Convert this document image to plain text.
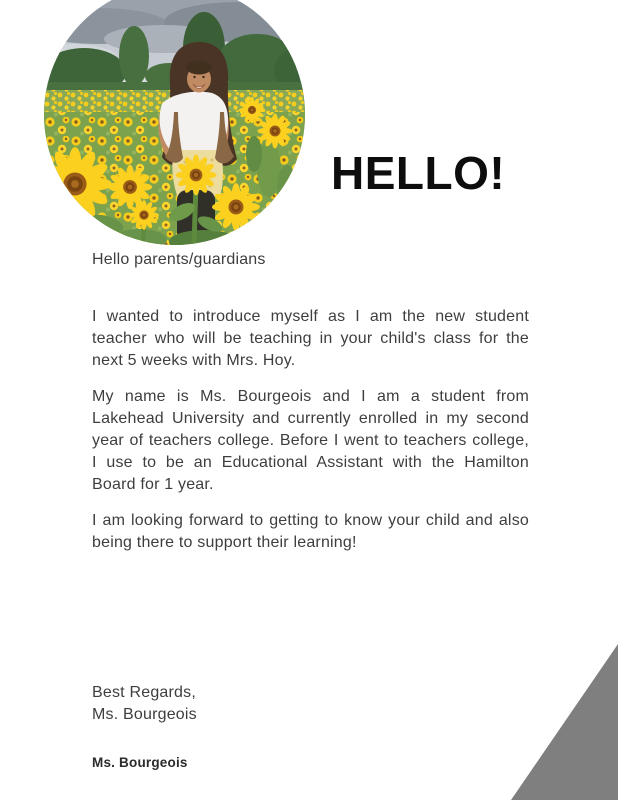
HELLO!
Hello parents/guardians

I wanted to introduce myself as I am the new student teacher who will be teaching in your child's class for the next 5 weeks with Mrs. Hoy.

My name is Ms. Bourgeois and I am a student from Lakehead University and currently enrolled in my second year of teachers college. Before I went to teachers college, I use to be an Educational Assistant with the Hamilton Board for 1 year.

I am looking forward to getting to know your child and also being there to support their learning!

Best Regards,
Ms. Bourgeois
Ms. Bourgeois
